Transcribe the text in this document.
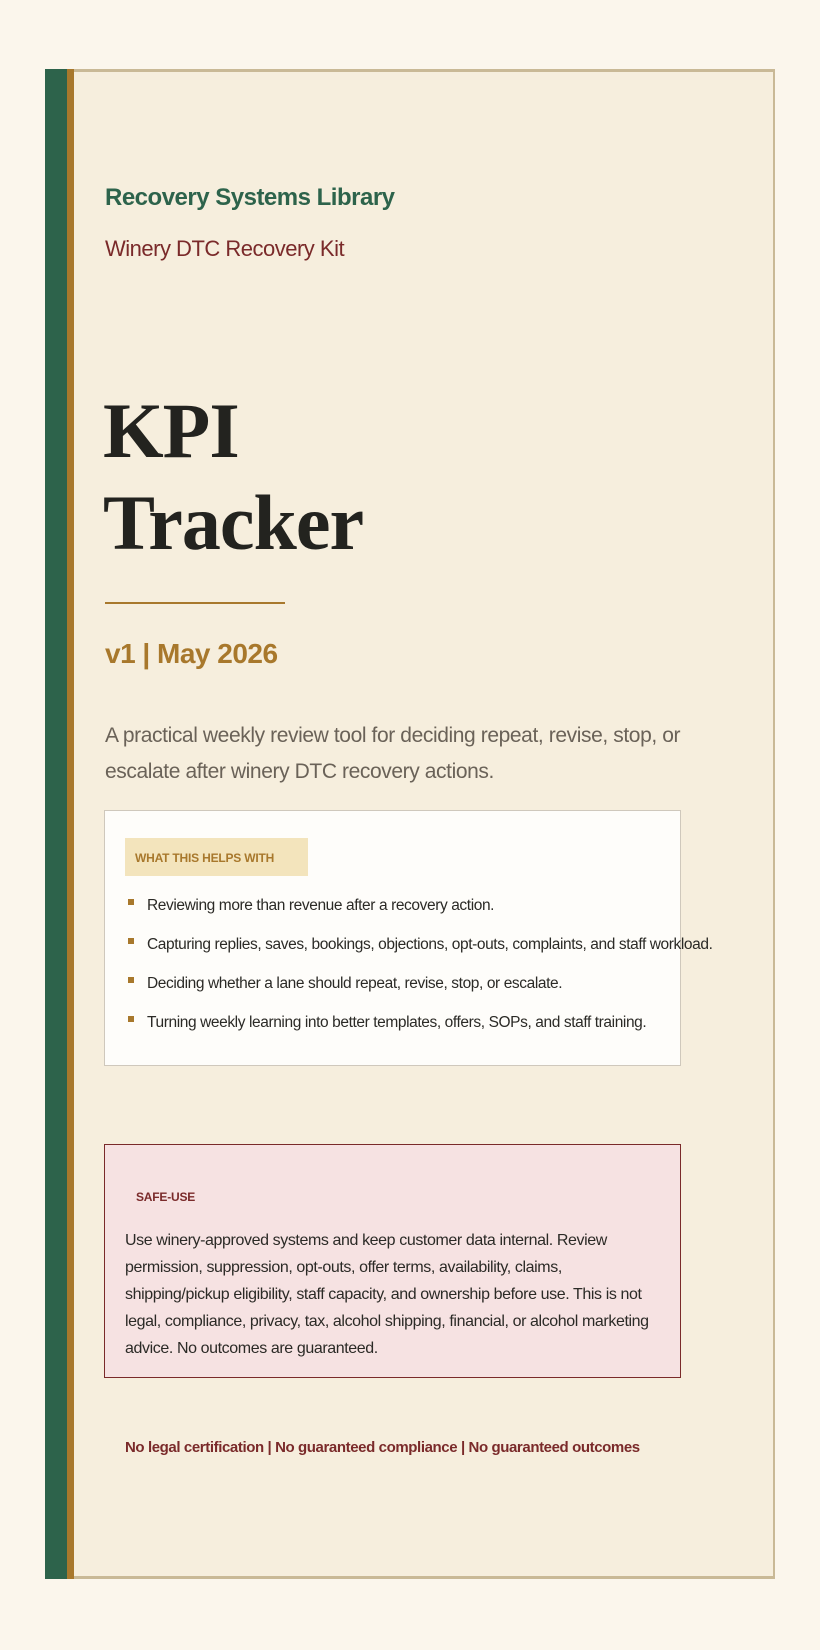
Recovery Systems Library
Winery DTC Recovery Kit
KPI
Tracker
v1 | May 2026
A practical weekly review tool for deciding repeat, revise, stop, or escalate after winery DTC recovery actions.
WHAT THIS HELPS WITH
Reviewing more than revenue after a recovery action.
Capturing replies, saves, bookings, objections, opt-outs, complaints, and staff workload.
Deciding whether a lane should repeat, revise, stop, or escalate.
Turning weekly learning into better templates, offers, SOPs, and staff training.
SAFE-USE
Use winery-approved systems and keep customer data internal. Review permission, suppression, opt-outs, offer terms, availability, claims, shipping/pickup eligibility, staff capacity, and ownership before use. This is not legal, compliance, privacy, tax, alcohol shipping, financial, or alcohol marketing advice. No outcomes are guaranteed.
No legal certification | No guaranteed compliance | No guaranteed outcomes
